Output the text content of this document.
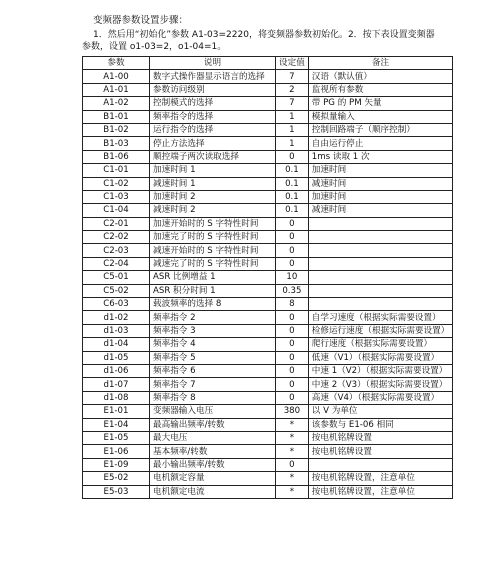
变频器参数设置步骤：
1．然后用“初始化”参数 A1-03=2220，将变频器参数初始化。2．按下表设置变频器
参数，设置 o1-03=2，o1-04=1。
参数	说明	设定值	备注
A1-00	数字式操作器显示语言的选择	7	汉语（默认值）
A1-01	参数访问级别	2	监视所有参数
A1-02	控制模式的选择	7	带 PG 的 PM 矢量
B1-01	频率指令的选择	1	模拟量输入
B1-02	运行指令的选择	1	控制回路端子（顺序控制）
B1-03	停止方法选择	1	自由运行停止
B1-06	顺控端子两次读取选择	0	1ms 读取 1 次
C1-01	加速时间 1	0.1	加速时间
C1-02	减速时间 1	0.1	减速时间
C1-03	加速时间 2	0.1	加速时间
C1-04	减速时间 2	0.1	减速时间
C2-01	加速开始时的 S 字特性时间	0	
C2-02	加速完了时的 S 字特性时间	0	
C2-03	减速开始时的 S 字特性时间	0	
C2-04	减速完了时的 S 字特性时间	0	
C5-01	ASR 比例增益 1	10	
C5-02	ASR 积分时间 1	0.35	
C6-03	载波频率的选择 8	8	
d1-02	频率指令 2	0	自学习速度（根据实际需要设置）
d1-03	频率指令 3	0	检修运行速度（根据实际需要设置）
d1-04	频率指令 4	0	爬行速度（根据实际需要设置）
d1-05	频率指令 5	0	低速（V1）（根据实际需要设置）
d1-06	频率指令 6	0	中速 1（V2）（根据实际需要设置）
d1-07	频率指令 7	0	中速 2（V3）（根据实际需要设置）
d1-08	频率指令 8	0	高速（V4）（根据实际需要设置）
E1-01	变频器输入电压	380	以 V 为单位
E1-04	最高输出频率/转数	*	该参数与 E1-06 相同
E1-05	最大电压	*	按电机铭牌设置
E1-06	基本频率/转数	*	按电机铭牌设置
E1-09	最小输出频率/转数	0	
E5-02	电机额定容量	*	按电机铭牌设置，注意单位
E5-03	电机额定电流	*	按电机铭牌设置，注意单位
